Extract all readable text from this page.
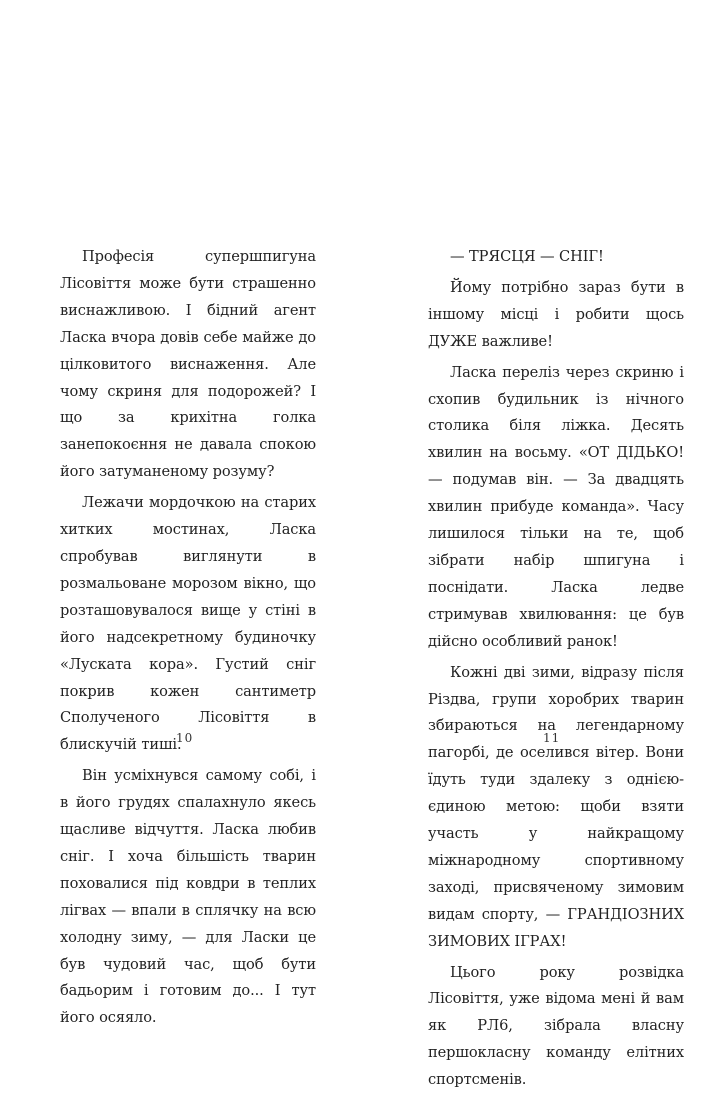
Професія супершпигуна Лісовіття може бути страшенно виснажливою. І бідний агент Ласка вчора довів себе майже до цілковитого виснаження. Але чому скриня для подорожей? І що за крихітна голка занепокоєння не давала спокою його затуманеному розуму?

Лежачи мордочкою на старих хитких мостинах, Ласка спробував виглянути в розмальоване морозом вікно, що розташовувалося вище у стіні в його надсекретному будиночку «Луската кора». Густий сніг покрив кожен сантиметр Сполученого Лісовіття в блискучій тиші.

Він усміхнувся самому собі, і в його грудях спалахнуло якесь щасливе відчуття. Ласка любив сніг. І хоча більшість тварин поховалися під ковдри в теплих лігвах — впали в сплячку на всю холодну зиму, — для Ласки це був чудовий час, щоб бути бадьорим і готовим до... І тут його осяяло.

10

— ТРЯСЦЯ — СНІГ!

Йому потрібно зараз бути в іншому місці і робити щось ДУЖЕ важливе!

Ласка переліз через скриню і схопив будильник із нічного столика біля ліжка. Десять хвилин на восьму. «ОТ ДІДЬКО! — подумав він. — За двадцять хвилин прибуде команда». Часу лишилося тільки на те, щоб зібрати набір шпигуна і поснідати. Ласка ледве стримував хвилювання: це був дійсно особливий ранок!

Кожні дві зими, відразу після Різдва, групи хоробрих тварин збираються на легендарному пагорбі, де оселився вітер. Вони їдуть туди здалеку з однією-єдиною метою: щоби взяти участь у найкращому міжнародному спортивному заході, присвяченому зимовим видам спорту, — ГРАНДІОЗНИХ ЗИМОВИХ ІГРАХ!

Цього року розвідка Лісовіття, уже відома мені й вам як РЛ6, зібрала власну першокласну команду елітних спортсменів.

11
